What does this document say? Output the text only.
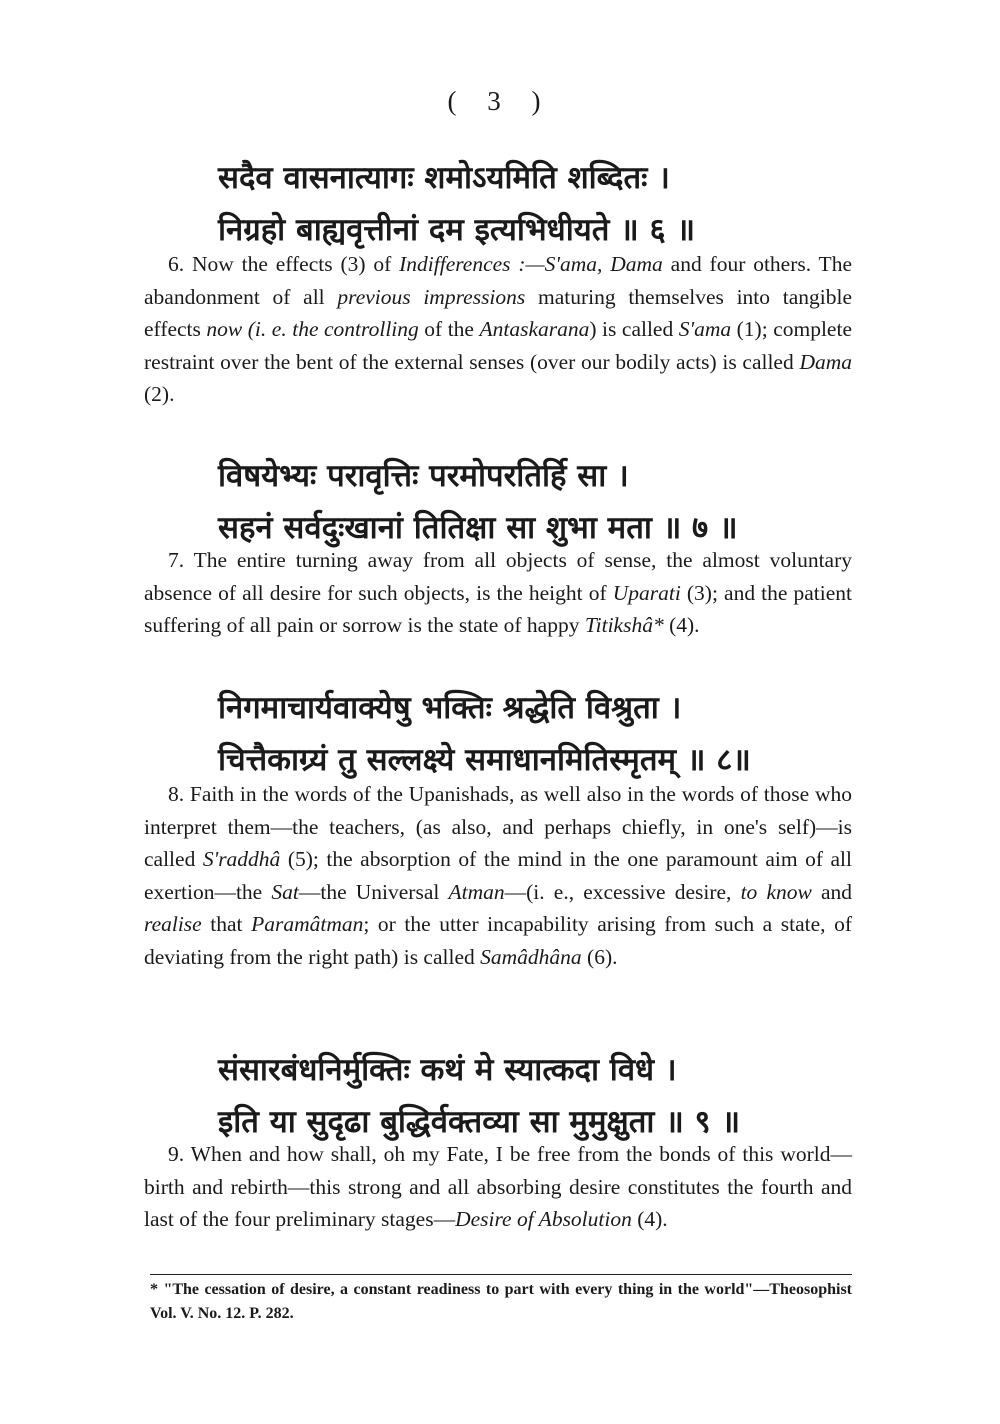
( 3 )
सदैव वासनात्यागः शमोऽयमिति शब्दितः ।
निग्रहो बाह्यवृत्तीनां दम इत्यभिधीयते ॥ ६ ॥
6. Now the effects (3) of Indifferences :—S'ama, Dama and four others. The abandonment of all previous impressions maturing themselves into tangible effects now (i. e. the controlling of the Antaskarana) is called S'ama (1); complete restraint over the bent of the external senses (over our bodily acts) is called Dama (2).
विषयेभ्यः परावृत्तिः परमोपरतिर्हि सा ।
सहनं सर्वदुःखानां तितिक्षा सा शुभा मता ॥ ७ ॥
7. The entire turning away from all objects of sense, the almost voluntary absence of all desire for such objects, is the height of Uparati (3); and the patient suffering of all pain or sorrow is the state of happy Titikshâ* (4).
निगमाचार्यवाक्येषु भक्तिः श्रद्धेति विश्रुता ।
चित्तैकाग्र्यं तु सल्लक्ष्ये समाधानमितिस्मृतम् ॥ ८॥
8. Faith in the words of the Upanishads, as well also in the words of those who interpret them—the teachers, (as also, and perhaps chiefly, in one's self)—is called S'raddhâ (5); the absorption of the mind in the one paramount aim of all exertion—the Sat—the Universal Atman—(i. e., excessive desire, to know and realise that Paramâtman; or the utter incapability arising from such a state, of deviating from the right path) is called Samâdhâna (6).
संसारबंधनिर्मुक्तिः कथं मे स्यात्कदा विधे ।
इति या सुदृढा बुद्धिर्वक्तव्या सा मुमुक्षुता ॥ ९ ॥
9. When and how shall, oh my Fate, I be free from the bonds of this world—birth and rebirth—this strong and all absorbing desire constitutes the fourth and last of the four preliminary stages—Desire of Absolution (4).
* "The cessation of desire, a constant readiness to part with every thing in the world"—Theosophist Vol. V. No. 12. P. 282.
